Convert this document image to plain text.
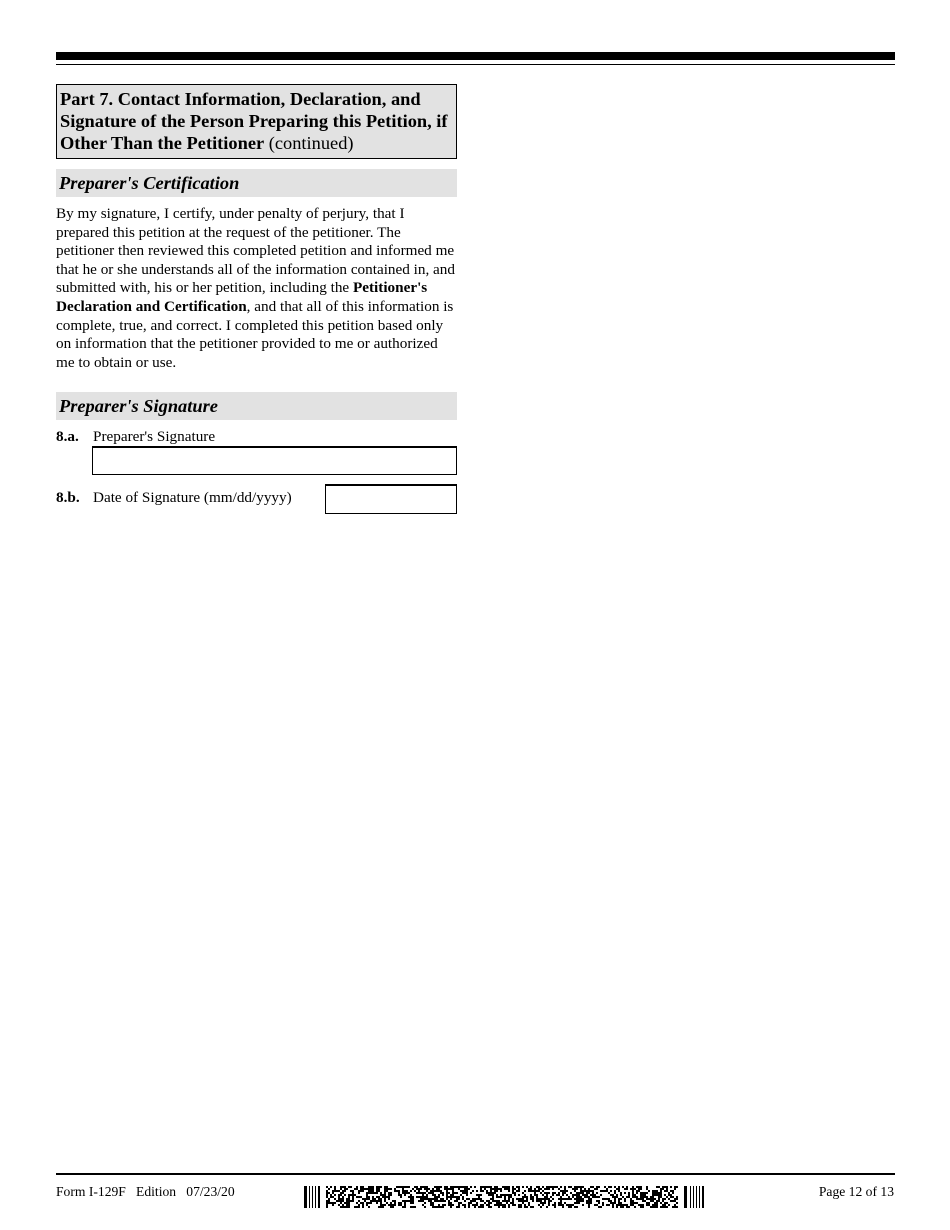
Part 7. Contact Information, Declaration, and Signature of the Person Preparing this Petition, if Other Than the Petitioner (continued)
Preparer's Certification
By my signature, I certify, under penalty of perjury, that I prepared this petition at the request of the petitioner. The petitioner then reviewed this completed petition and informed me that he or she understands all of the information contained in, and submitted with, his or her petition, including the Petitioner's Declaration and Certification, and that all of this information is complete, true, and correct. I completed this petition based only on information that the petitioner provided to me or authorized me to obtain or use.
Preparer's Signature
8.a. Preparer's Signature
8.b. Date of Signature (mm/dd/yyyy)
Form I-129F   Edition   07/23/20	Page 12 of 13
